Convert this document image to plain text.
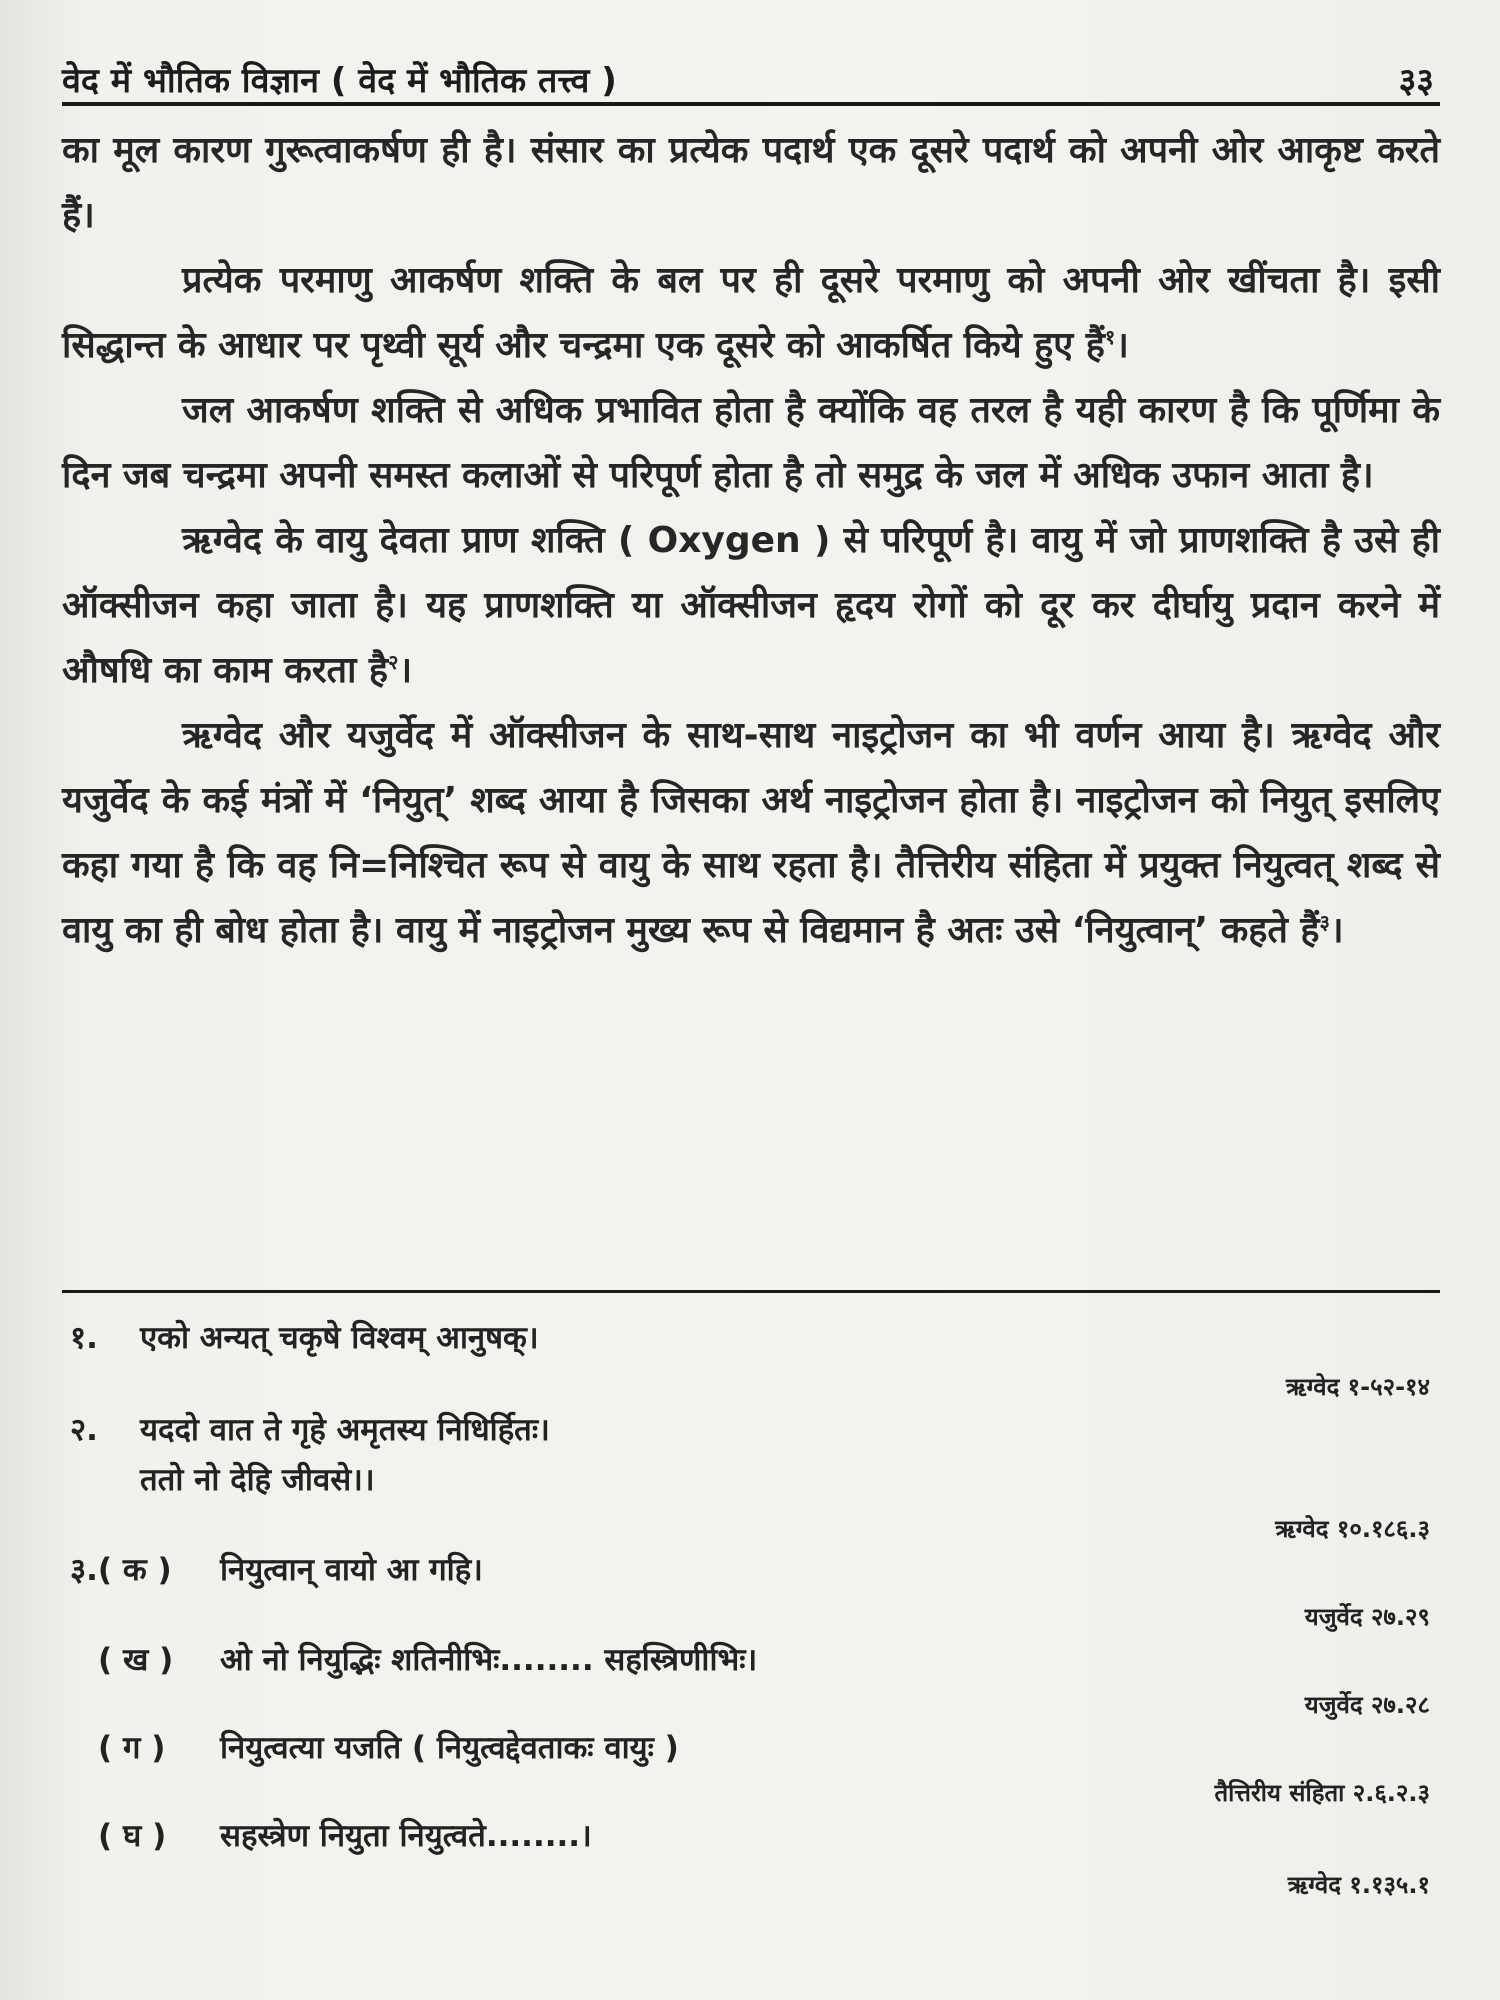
वेद में भौतिक विज्ञान ( वेद में भौतिक तत्त्व )	३३

का मूल कारण गुरूत्वाकर्षण ही है। संसार का प्रत्येक पदार्थ एक दूसरे पदार्थ को अपनी ओर आकृष्ट करते हैं।

प्रत्येक परमाणु आकर्षण शक्ति के बल पर ही दूसरे परमाणु को अपनी ओर खींचता है। इसी सिद्धान्त के आधार पर पृथ्वी सूर्य और चन्द्रमा एक दूसरे को आकर्षित किये हुए हैं$^१$।

जल आकर्षण शक्ति से अधिक प्रभावित होता है क्योंकि वह तरल है यही कारण है कि पूर्णिमा के दिन जब चन्द्रमा अपनी समस्त कलाओं से परिपूर्ण होता है तो समुद्र के जल में अधिक उफान आता है।

ऋग्वेद के वायु देवता प्राण शक्ति ( Oxygen ) से परिपूर्ण है। वायु में जो प्राणशक्ति है उसे ही ऑक्सीजन कहा जाता है। यह प्राणशक्ति या ऑक्सीजन हृदय रोगों को दूर कर दीर्घायु प्रदान करने में औषधि का काम करता है$^२$।

ऋग्वेद और यजुर्वेद में ऑक्सीजन के साथ-साथ नाइट्रोजन का भी वर्णन आया है। ऋग्वेद और यजुर्वेद के कई मंत्रों में ‘नियुत्’ शब्द आया है जिसका अर्थ नाइट्रोजन होता है। नाइट्रोजन को नियुत् इसलिए कहा गया है कि वह नि=निश्चित रूप से वायु के साथ रहता है। तैत्तिरीय संहिता में प्रयुक्त नियुत्वत् शब्द से वायु का ही बोध होता है। वायु में नाइट्रोजन मुख्य रूप से विद्यमान है अतः उसे ‘नियुत्वान्’ कहते हैं$^३$।

१. एको अन्यत् चकृषे विश्वम् आनुषक्।
ऋग्वेद १-५२-१४
२. यददो वात ते गृहे अमृतस्य निधिर्हितः।
ततो नो देहि जीवसे।।
ऋग्वेद १०.१८६.३
३.( क ) नियुत्वान् वायो आ गहि।
यजुर्वेद २७.२९
( ख ) ओ नो नियुद्भिः शतिनीभिः........ सहस्त्रिणीभिः।
यजुर्वेद २७.२८
( ग ) नियुत्वत्या यजति ( नियुत्वद्देवताकः वायुः )
तैत्तिरीय संहिता २.६.२.३
( घ ) सहस्त्रेण नियुता नियुत्वते........।
ऋग्वेद १.१३५.१
